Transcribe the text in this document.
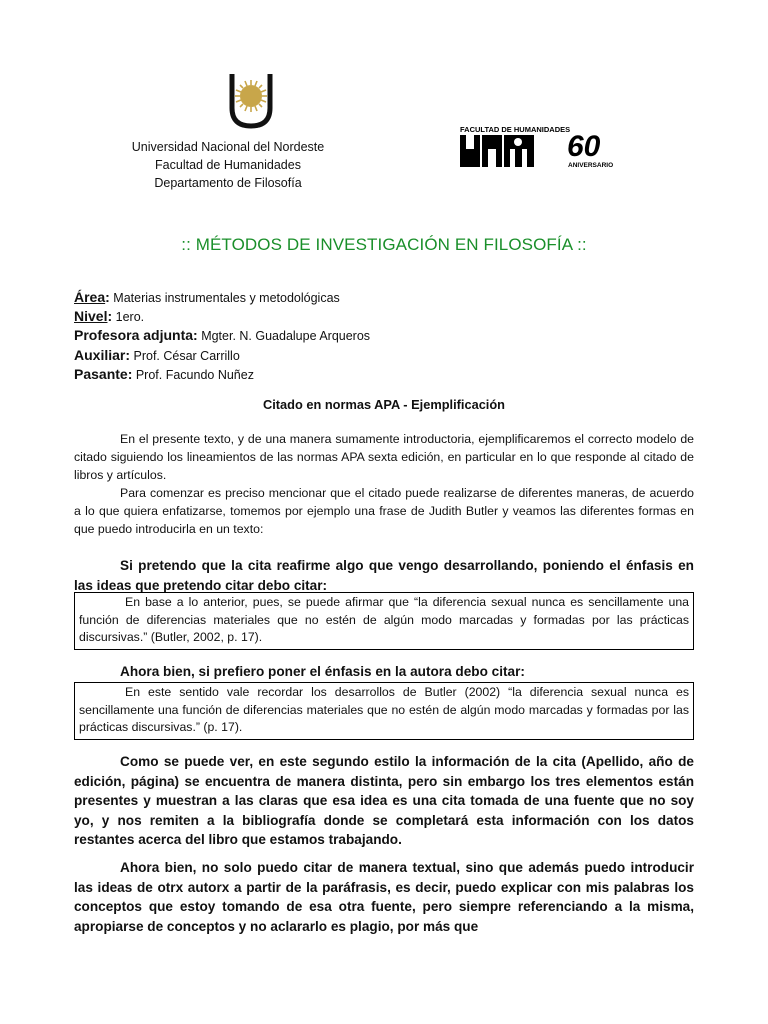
Universidad Nacional del Nordeste
Facultad de Humanidades
Departamento de Filosofía
FACULTAD DE HUMANIDADES
60
ANIVERSARIO
:: MÉTODOS DE INVESTIGACIÓN EN FILOSOFÍA ::
Área: Materias instrumentales y metodológicas
Nivel: 1ero.
Profesora adjunta: Mgter. N. Guadalupe Arqueros
Auxiliar: Prof. César Carrillo
Pasante: Prof. Facundo Nuñez
Citado en normas APA - Ejemplificación

En el presente texto, y de una manera sumamente introductoria, ejemplificaremos el correcto modelo de citado siguiendo los lineamientos de las normas APA sexta edición, en particular en lo que responde al citado de libros y artículos.

Para comenzar es preciso mencionar que el citado puede realizarse de diferentes maneras, de acuerdo a lo que quiera enfatizarse, tomemos por ejemplo una frase de Judith Butler y veamos las diferentes formas en que puedo introducirla en un texto:

Si pretendo que la cita reafirme algo que vengo desarrollando, poniendo el énfasis en las ideas que pretendo citar debo citar:

En base a lo anterior, pues, se puede afirmar que “la diferencia sexual nunca es sencillamente una función de diferencias materiales que no estén de algún modo marcadas y formadas por las prácticas discursivas.” (Butler, 2002, p. 17).

Ahora bien, si prefiero poner el énfasis en la autora debo citar:

En este sentido vale recordar los desarrollos de Butler (2002) “la diferencia sexual nunca es sencillamente una función de diferencias materiales que no estén de algún modo marcadas y formadas por las prácticas discursivas.” (p. 17).

Como se puede ver, en este segundo estilo la información de la cita (Apellido, año de edición, página) se encuentra de manera distinta, pero sin embargo los tres elementos están presentes y muestran a las claras que esa idea es una cita tomada de una fuente que no soy yo, y nos remiten a la bibliografía donde se completará esta información con los datos restantes acerca del libro que estamos trabajando.

Ahora bien, no solo puedo citar de manera textual, sino que además puedo introducir las ideas de otrx autorx a partir de la paráfrasis, es decir, puedo explicar con mis palabras los conceptos que estoy tomando de esa otra fuente, pero siempre referenciando a la misma, apropiarse de conceptos y no aclararlo es plagio, por más que
